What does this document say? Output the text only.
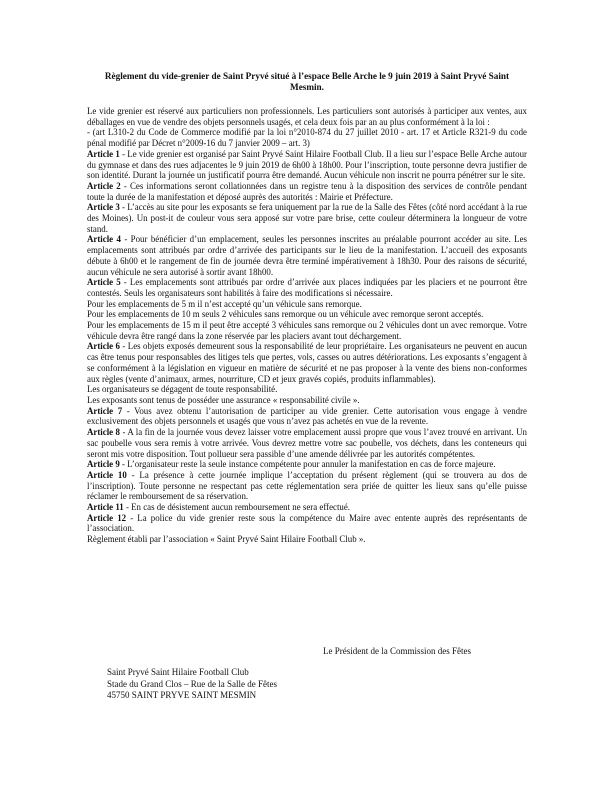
Règlement du vide-grenier de Saint Pryvé situé à l’espace Belle Arche le 9 juin 2019 à Saint Pryvé Saint Mesmin.

Le vide grenier est réservé aux particuliers non professionnels. Les particuliers sont autorisés à participer aux ventes, aux déballages en vue de vendre des objets personnels usagés, et cela deux fois par an au plus conformément à la loi :

- (art L310-2 du Code de Commerce modifié par la loi n°2010-874 du 27 juillet 2010 - art. 17 et Article R321-9 du code pénal modifié par Décret n°2009-16 du 7 janvier 2009 – art. 3)

Article 1 - Le vide grenier est organisé par Saint Pryvé Saint Hilaire Football Club. Il a lieu sur l’espace Belle Arche autour du gymnase et dans des rues adjacentes le 9 juin 2019 de 6h00 à 18h00. Pour l’inscription, toute personne devra justifier de son identité. Durant la journée un justificatif pourra être demandé. Aucun véhicule non inscrit ne pourra pénétrer sur le site.

Article 2 - Ces informations seront collationnées dans un registre tenu à la disposition des services de contrôle pendant toute la durée de la manifestation et déposé auprès des autorités : Mairie et Préfecture.

Article 3 - L’accès au site pour les exposants se fera uniquement par la rue de la Salle des Fêtes (côté nord accédant à la rue des Moines). Un post-it de couleur vous sera apposé sur votre pare brise, cette couleur déterminera la longueur de votre stand.

Article 4 - Pour bénéficier d’un emplacement, seules les personnes inscrites au préalable pourront accéder au site. Les emplacements sont attribués par ordre d’arrivée des participants sur le lieu de la manifestation. L’accueil des exposants débute à 6h00 et le rangement de fin de journée devra être terminé impérativement à 18h30. Pour des raisons de sécurité, aucun véhicule ne sera autorisé à sortir avant 18h00.

Article 5 - Les emplacements sont attribués par ordre d’arrivée aux places indiquées par les placiers et ne pourront être contestés. Seuls les organisateurs sont habilités à faire des modifications si nécessaire.

Pour les emplacements de 5 m il n’est accepté qu’un véhicule sans remorque.

Pour les emplacements de 10 m seuls 2 véhicules sans remorque ou un véhicule avec remorque seront acceptés.

Pour les emplacements de 15 m il peut être accepté 3 véhicules sans remorque ou 2 véhicules dont un avec remorque. Votre véhicule devra être rangé dans la zone réservée par les placiers avant tout déchargement.

Article 6 - Les objets exposés demeurent sous la responsabilité de leur propriétaire. Les organisateurs ne peuvent en aucun cas être tenus pour responsables des litiges tels que pertes, vols, casses ou autres détériorations. Les exposants s’engagent à se conformément à la législation en vigueur en matière de sécurité et ne pas proposer à la vente des biens non-conformes aux règles (vente d’animaux, armes, nourriture, CD et jeux gravés copiés, produits inflammables).

Les organisateurs se dégagent de toute responsabilité.

Les exposants sont tenus de posséder une assurance « responsabilité civile ».

Article 7 - Vous avez obtenu l’autorisation de participer au vide grenier. Cette autorisation vous engage à vendre exclusivement des objets personnels et usagés que vous n’avez pas achetés en vue de la revente.

Article 8 - A la fin de la journée vous devez laisser votre emplacement aussi propre que vous l’avez trouvé en arrivant. Un sac poubelle vous sera remis à votre arrivée. Vous devrez mettre votre sac poubelle, vos déchets, dans les conteneurs qui seront mis votre disposition. Tout pollueur sera passible d’une amende délivrée par les autorités compétentes.

Article 9 - L’organisateur reste la seule instance compétente pour annuler la manifestation en cas de force majeure.

Article 10 - La présence à cette journée implique l’acceptation du présent règlement (qui se trouvera au dos de l’inscription). Toute personne ne respectant pas cette réglementation sera priée de quitter les lieux sans qu’elle puisse réclamer le remboursement de sa réservation.

Article 11 - En cas de désistement aucun remboursement ne sera effectué.

Article 12 - La police du vide grenier reste sous la compétence du Maire avec entente auprès des représentants de l’association.

Règlement établi par l’association « Saint Pryvé Saint Hilaire Football Club ».

Le Président de la Commission des Fêtes
Saint Pryvé Saint Hilaire Football Club
Stade du Grand Clos – Rue de la Salle de Fêtes
45750 SAINT PRYVE SAINT MESMIN
